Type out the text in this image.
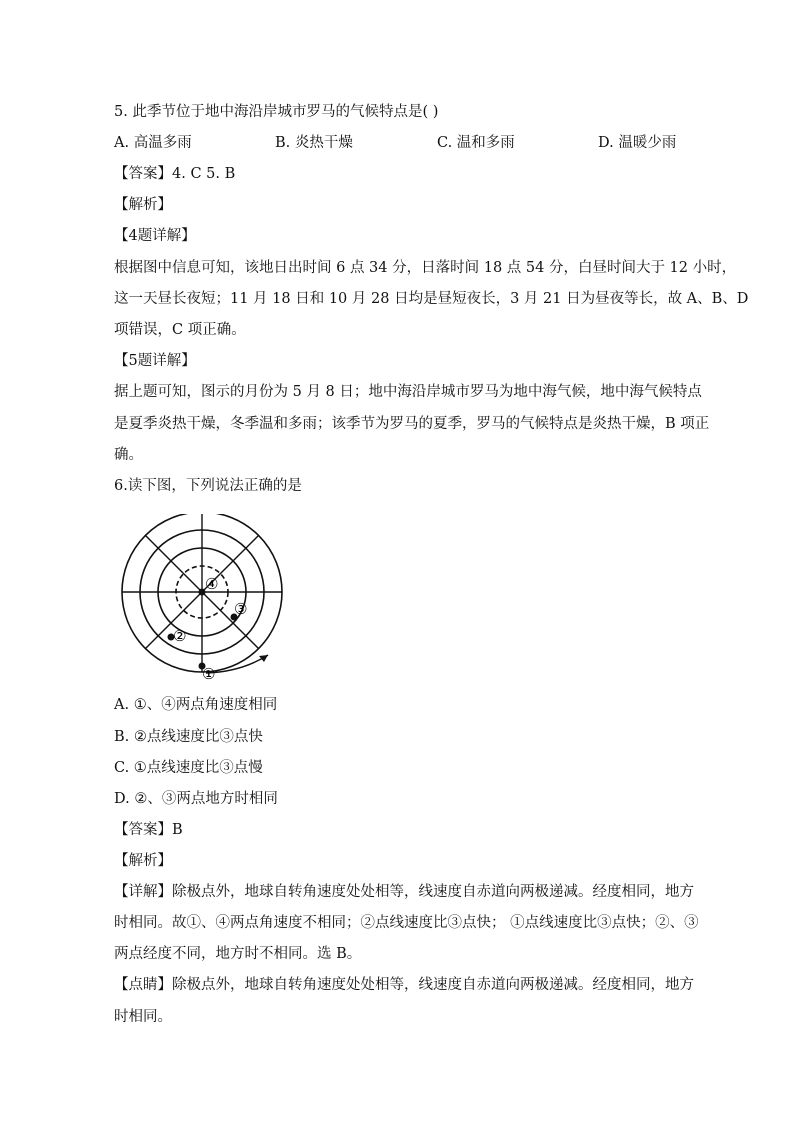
5. 此季节位于地中海沿岸城市罗马的气候特点是( )
A. 高温多雨	B. 炎热干燥	C. 温和多雨	D. 温暖少雨
【答案】4. C 5. B
【解析】
【4题详解】
根据图中信息可知，该地日出时间 6 点 34 分，日落时间 18 点 54 分，白昼时间大于 12 小时，
这一天昼长夜短；11 月 18 日和 10 月 28 日均是昼短夜长，3 月 21 日为昼夜等长，故 A、B、D
项错误，C 项正确。
【5题详解】
据上题可知，图示的月份为 5 月 8 日；地中海沿岸城市罗马为地中海气候，地中海气候特点
是夏季炎热干燥，冬季温和多雨；该季节为罗马的夏季，罗马的气候特点是炎热干燥，B 项正
确。
6.读下图，下列说法正确的是
④
③
②
①
A. ①、④两点角速度相同
B. ②点线速度比③点快
C. ①点线速度比③点慢
D. ②、③两点地方时相同
【答案】B
【解析】
【详解】除极点外，地球自转角速度处处相等，线速度自赤道向两极递减。经度相同，地方
时相同。故①、④两点角速度不相同；②点线速度比③点快； ①点线速度比③点快；②、③
两点经度不同，地方时不相同。选 B。
【点睛】除极点外，地球自转角速度处处相等，线速度自赤道向两极递减。经度相同，地方
时相同。
